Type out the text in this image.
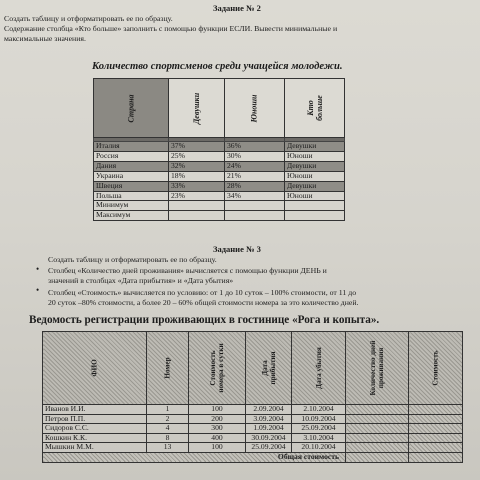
Задание № 2
Создать таблицу и отформатировать ее по образцу.
Содержание столбца «Кто больше» заполнить с помощью функции ЕСЛИ. Вывести минимальные и
максимальные значения.
Количество спортсменов среди учащейся молодежи.
Страна	Девушки	Юноши	Кто больше

Италия	37%	36%	Девушки
Россия	25%	30%	Юноши
Дания	32%	24%	Девушки
Украина	18%	21%	Юноши
Швеция	33%	28%	Девушки
Польша	23%	34%	Юноши
Минимум			
Максимум			
Задание № 3
Создать таблицу и отформатировать ее по образцу.
• Столбец «Количество дней проживания» вычисляется с помощью функции ДЕНЬ и
значений в столбцах «Дата прибытия» и «Дата убытия»
• Столбец «Стоимость» вычисляется по условию: от 1 до 10 суток – 100% стоимости, от 11 до
20 суток –80% стоимости, а более 20 – 60% общей стоимости номера за это количество дней.
Ведомость регистрации проживающих в гостинице «Рога и копыта».
ФИО	Номер	Стоимость номера в сутки	Дата прибытия	Дата убытия	Количество дней проживания	Стоимость
Иванов И.И.	1	100	2.09.2004	2.10.2004		
Петров П.П.	2	200	3.09.2004	10.09.2004		
Сидоров С.С.	4	300	1.09.2004	25.09.2004		
Кошкин К.К.	8	400	30.09.2004	3.10.2004		
Мышкин М.М.	13	100	25.09.2004	20.10.2004		
Общая стоимость						
